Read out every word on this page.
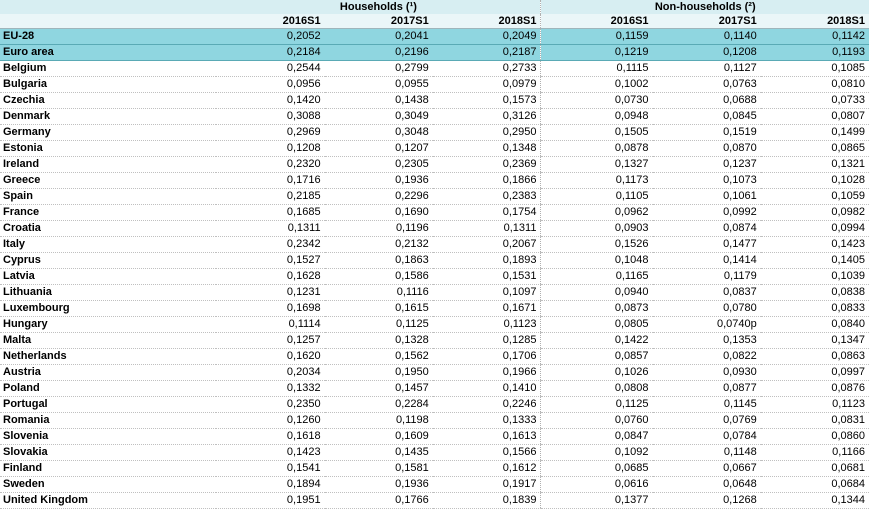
	Households (¹)			Non-households (²)		
	2016S1	2017S1	2018S1	2016S1	2017S1	2018S1
EU-28	0,2052	0,2041	0,2049	0,1159	0,1140	0,1142
Euro area	0,2184	0,2196	0,2187	0,1219	0,1208	0,1193
Belgium	0,2544	0,2799	0,2733	0,1115	0,1127	0,1085
Bulgaria	0,0956	0,0955	0,0979	0,1002	0,0763	0,0810
Czechia	0,1420	0,1438	0,1573	0,0730	0,0688	0,0733
Denmark	0,3088	0,3049	0,3126	0,0948	0,0845	0,0807
Germany	0,2969	0,3048	0,2950	0,1505	0,1519	0,1499
Estonia	0,1208	0,1207	0,1348	0,0878	0,0870	0,0865
Ireland	0,2320	0,2305	0,2369	0,1327	0,1237	0,1321
Greece	0,1716	0,1936	0,1866	0,1173	0,1073	0,1028
Spain	0,2185	0,2296	0,2383	0,1105	0,1061	0,1059
France	0,1685	0,1690	0,1754	0,0962	0,0992	0,0982
Croatia	0,1311	0,1196	0,1311	0,0903	0,0874	0,0994
Italy	0,2342	0,2132	0,2067	0,1526	0,1477	0,1423
Cyprus	0,1527	0,1863	0,1893	0,1048	0,1414	0,1405
Latvia	0,1628	0,1586	0,1531	0,1165	0,1179	0,1039
Lithuania	0,1231	0,1116	0,1097	0,0940	0,0837	0,0838
Luxembourg	0,1698	0,1615	0,1671	0,0873	0,0780	0,0833
Hungary	0,1114	0,1125	0,1123	0,0805	0,0740p	0,0840
Malta	0,1257	0,1328	0,1285	0,1422	0,1353	0,1347
Netherlands	0,1620	0,1562	0,1706	0,0857	0,0822	0,0863
Austria	0,2034	0,1950	0,1966	0,1026	0,0930	0,0997
Poland	0,1332	0,1457	0,1410	0,0808	0,0877	0,0876
Portugal	0,2350	0,2284	0,2246	0,1125	0,1145	0,1123
Romania	0,1260	0,1198	0,1333	0,0760	0,0769	0,0831
Slovenia	0,1618	0,1609	0,1613	0,0847	0,0784	0,0860
Slovakia	0,1423	0,1435	0,1566	0,1092	0,1148	0,1166
Finland	0,1541	0,1581	0,1612	0,0685	0,0667	0,0681
Sweden	0,1894	0,1936	0,1917	0,0616	0,0648	0,0684
United Kingdom	0,1951	0,1766	0,1839	0,1377	0,1268	0,1344
